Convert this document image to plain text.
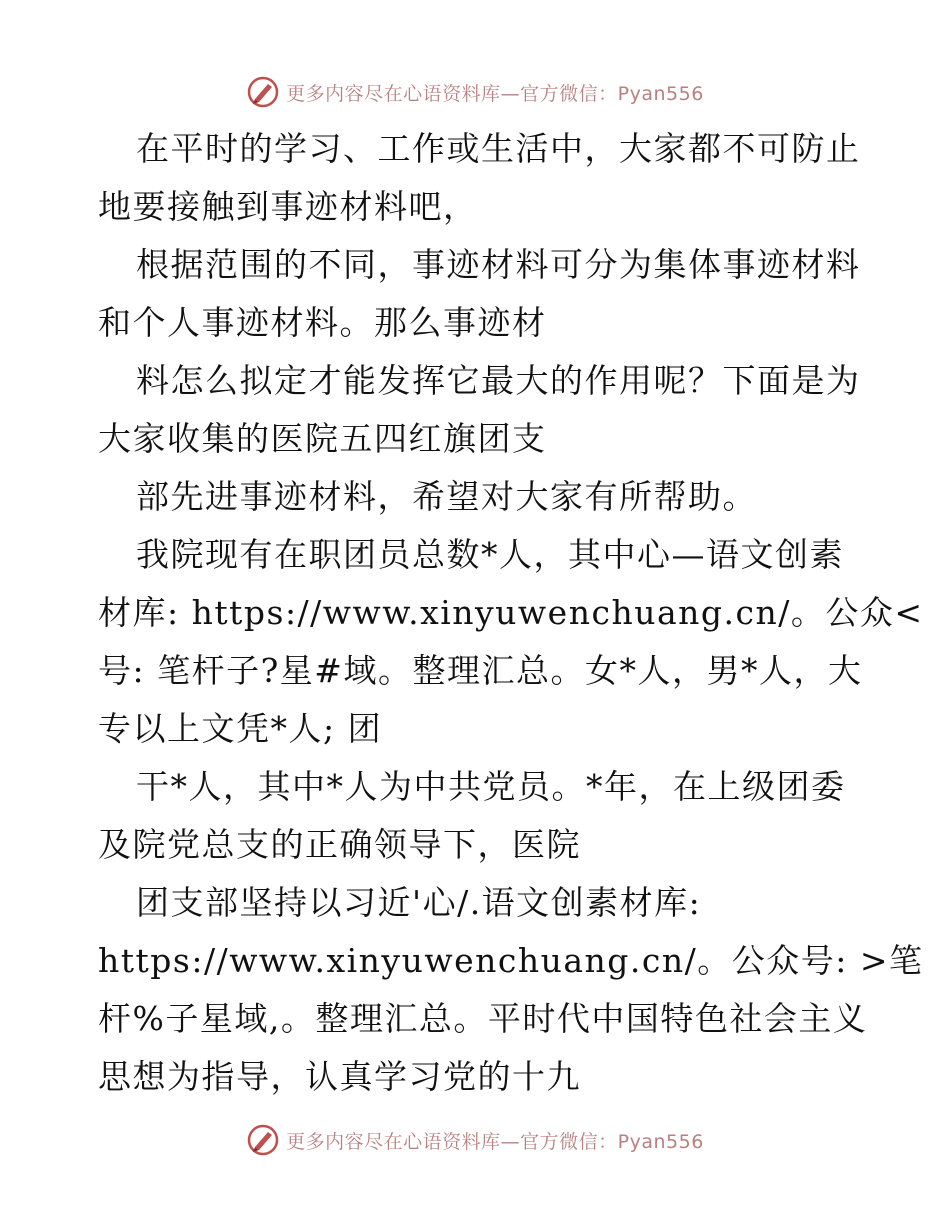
更多内容尽在心语资料库—官方微信：Pyan556
在平时的学习、工作或生活中，大家都不可防止
地要接触到事迹材料吧，
根据范围的不同，事迹材料可分为集体事迹材料
和个人事迹材料。那么事迹材
料怎么拟定才能发挥它最大的作用呢？下面是为
大家收集的医院五四红旗团支
部先进事迹材料，希望对大家有所帮助。
我院现有在职团员总数*人，其中心—语文创素
材库: https://www.xinyuwenchuang.cn/。公众<
号: 笔杆子?星#域。整理汇总。女*人，男*人，大
专以上文凭*人; 团
干*人，其中*人为中共党员。*年，在上级团委
及院党总支的正确领导下，医院
团支部坚持以习近'心/.语文创素材库:
https://www.xinyuwenchuang.cn/。公众号: >笔
杆%子星域,。整理汇总。平时代中国特色社会主义
思想为指导，认真学习党的十九
更多内容尽在心语资料库—官方微信：Pyan556
